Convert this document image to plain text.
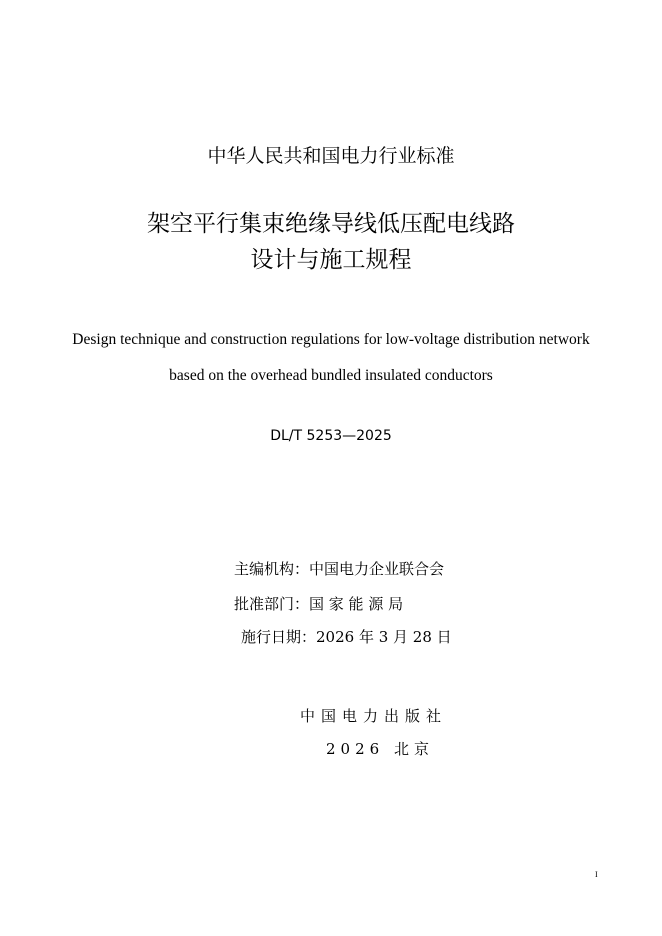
中华人民共和国电力行业标准
架空平行集束绝缘导线低压配电线路
设计与施工规程
Design technique and construction regulations for low-voltage distribution network
based on the overhead bundled insulated conductors
DL/T 5253—2025
主编机构：中国电力企业联合会
批准部门：国 家 能 源 局
施行日期：2026 年 3 月 28 日
中国电力出版社
2026 北京
I
